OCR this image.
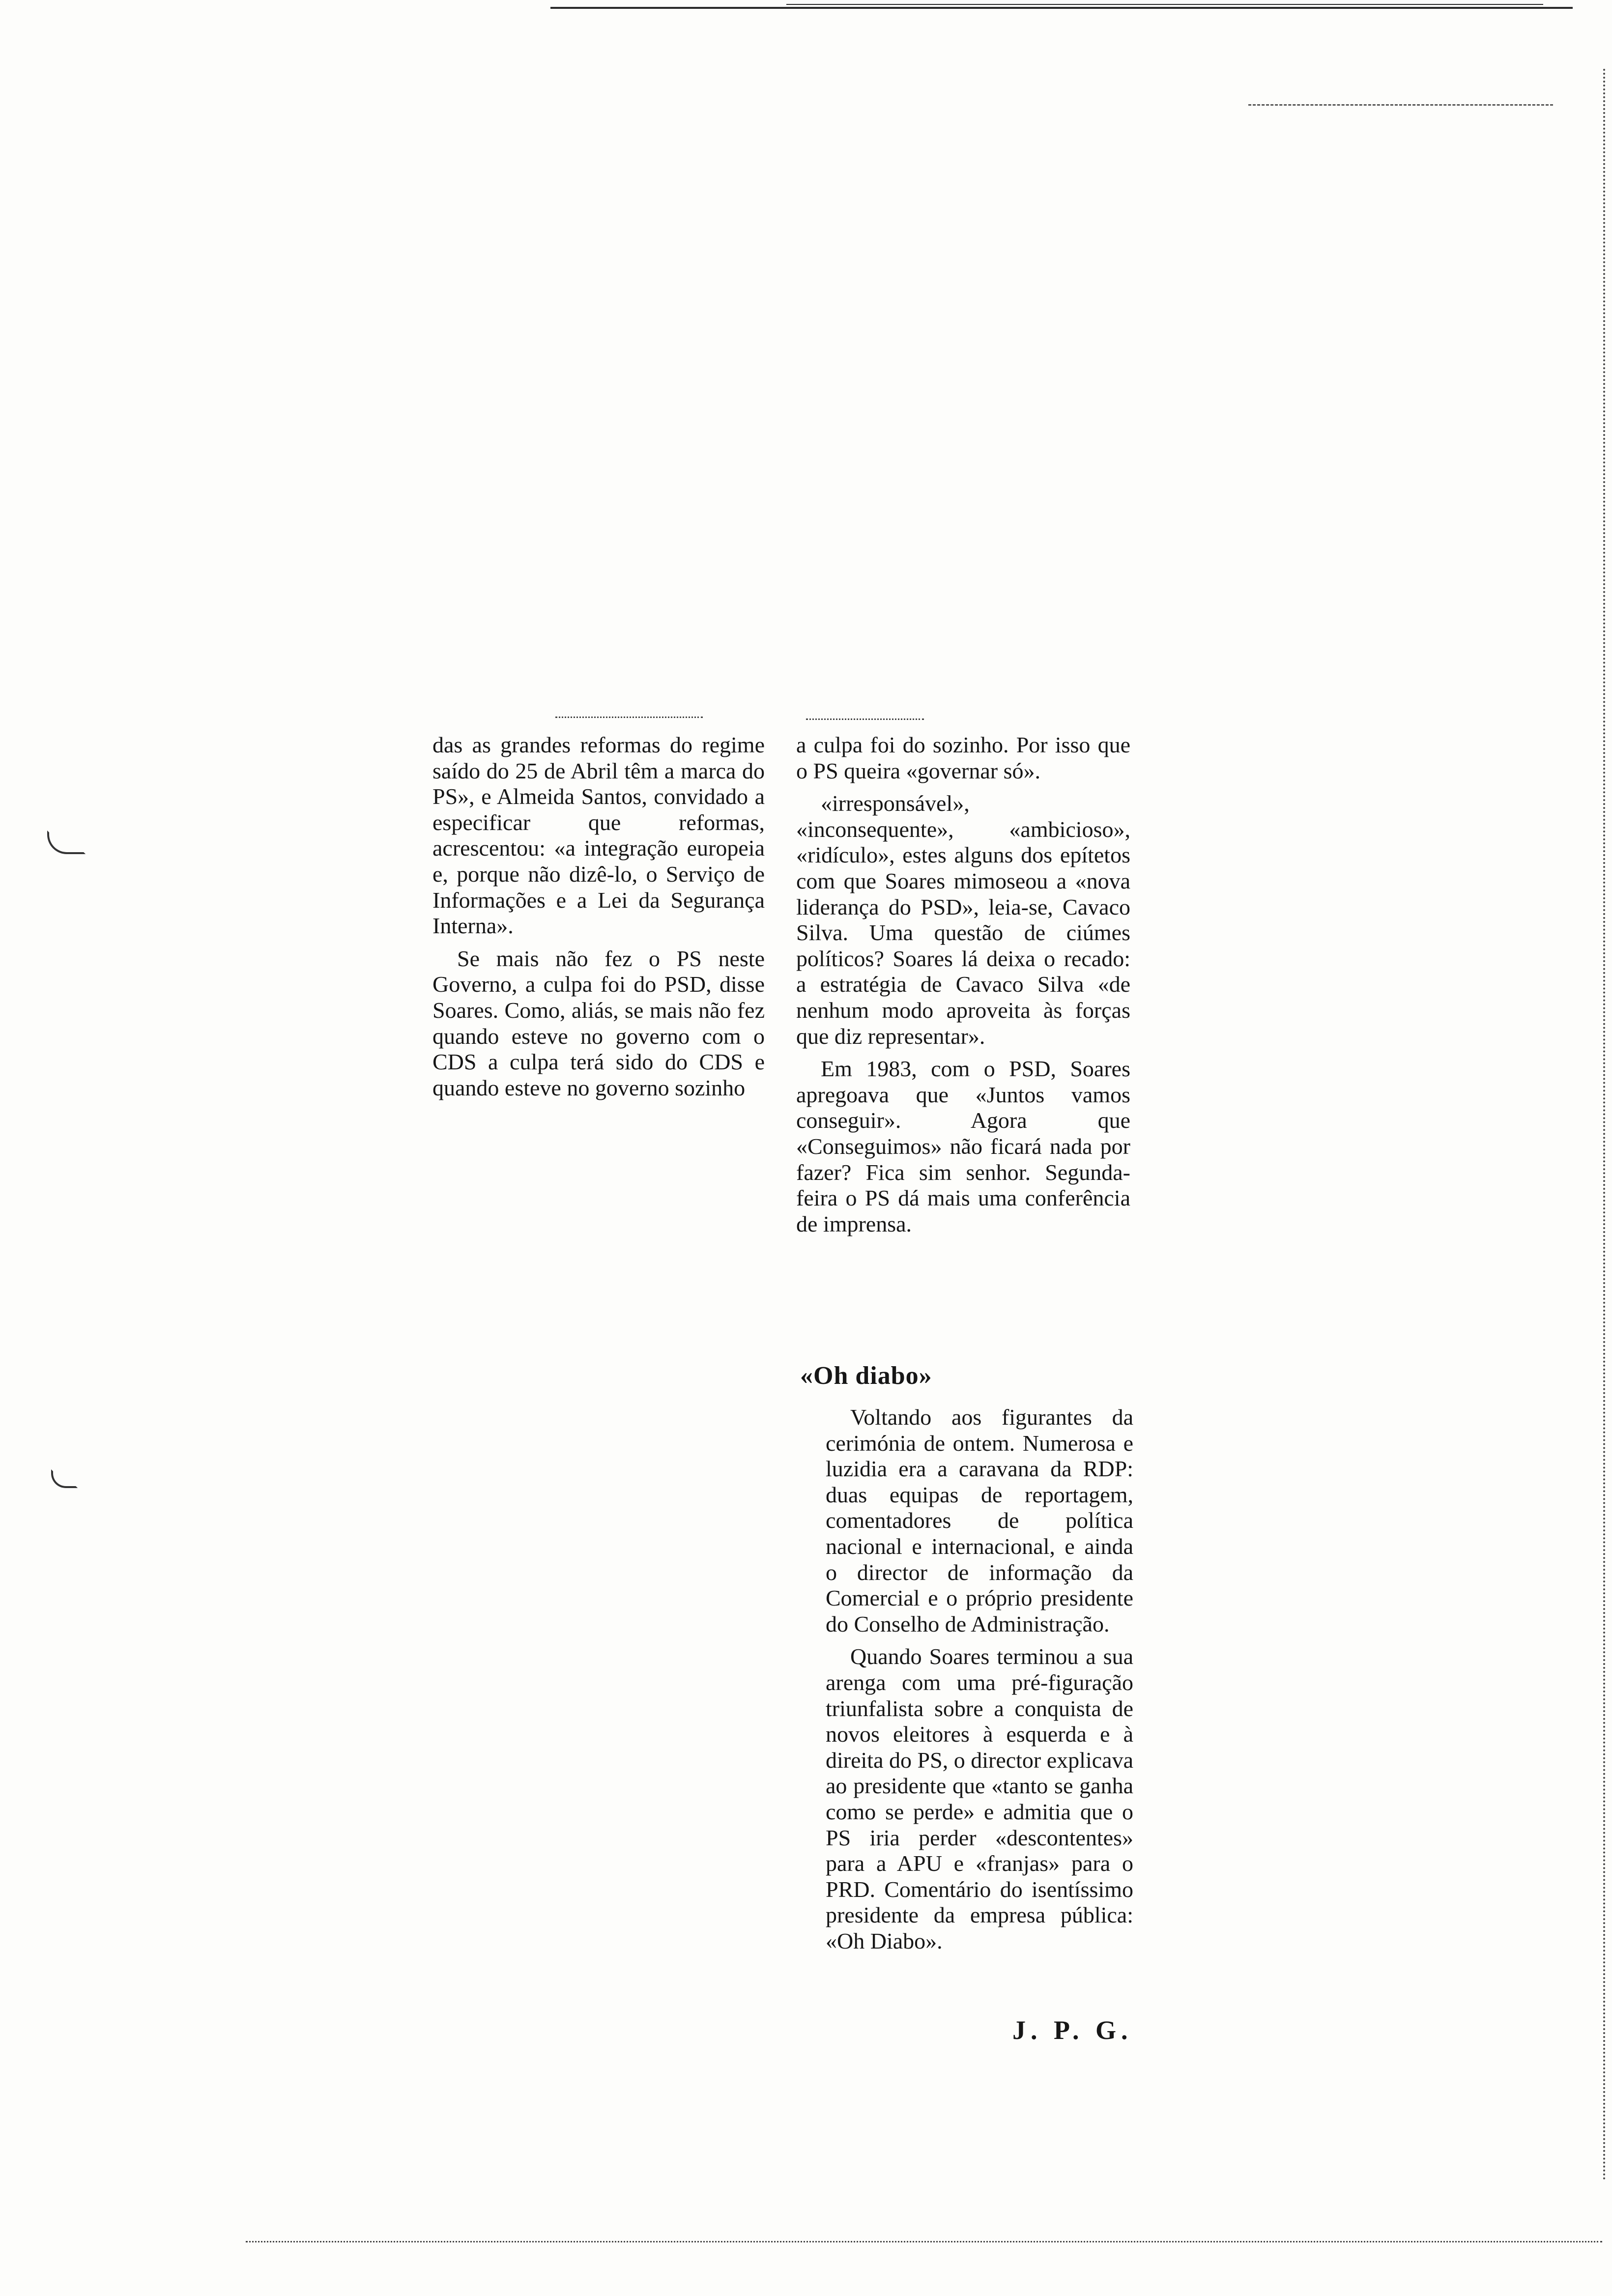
das as grandes reformas do regime saído do 25 de Abril têm a marca do PS», e Almeida Santos, convidado a especificar que reformas, acrescentou: «a integração europeia e, porque não dizê-lo, o Serviço de Informações e a Lei da Segurança Interna».

Se mais não fez o PS neste Governo, a culpa foi do PSD, disse Soares. Como, aliás, se mais não fez quando esteve no governo com o CDS a culpa terá sido do CDS e quando esteve no governo sozinho

a culpa foi do sozinho. Por isso que o PS queira «governar só».

«irresponsável», «inconsequente», «ambicioso», «ridículo», estes alguns dos epítetos com que Soares mimoseou a «nova liderança do PSD», leia-se, Cavaco Silva. Uma questão de ciúmes políticos? Soares lá deixa o recado: a estratégia de Cavaco Silva «de nenhum modo aproveita às forças que diz representar».

Em 1983, com o PSD, Soares apregoava que «Juntos vamos conseguir». Agora que «Conseguimos» não ficará nada por fazer? Fica sim senhor. Segunda-feira o PS dá mais uma conferência de imprensa.

«Oh diabo»

Voltando aos figurantes da cerimónia de ontem. Numerosa e luzidia era a caravana da RDP: duas equipas de reportagem, comentadores de política nacional e internacional, e ainda o director de informação da Comercial e o próprio presidente do Conselho de Administração.

Quando Soares terminou a sua arenga com uma pré-figuração triunfalista sobre a conquista de novos eleitores à esquerda e à direita do PS, o director explicava ao presidente que «tanto se ganha como se perde» e admitia que o PS iria perder «descontentes» para a APU e «franjas» para o PRD. Comentário do isentíssimo presidente da empresa pública: «Oh Diabo».

J. P. G.
